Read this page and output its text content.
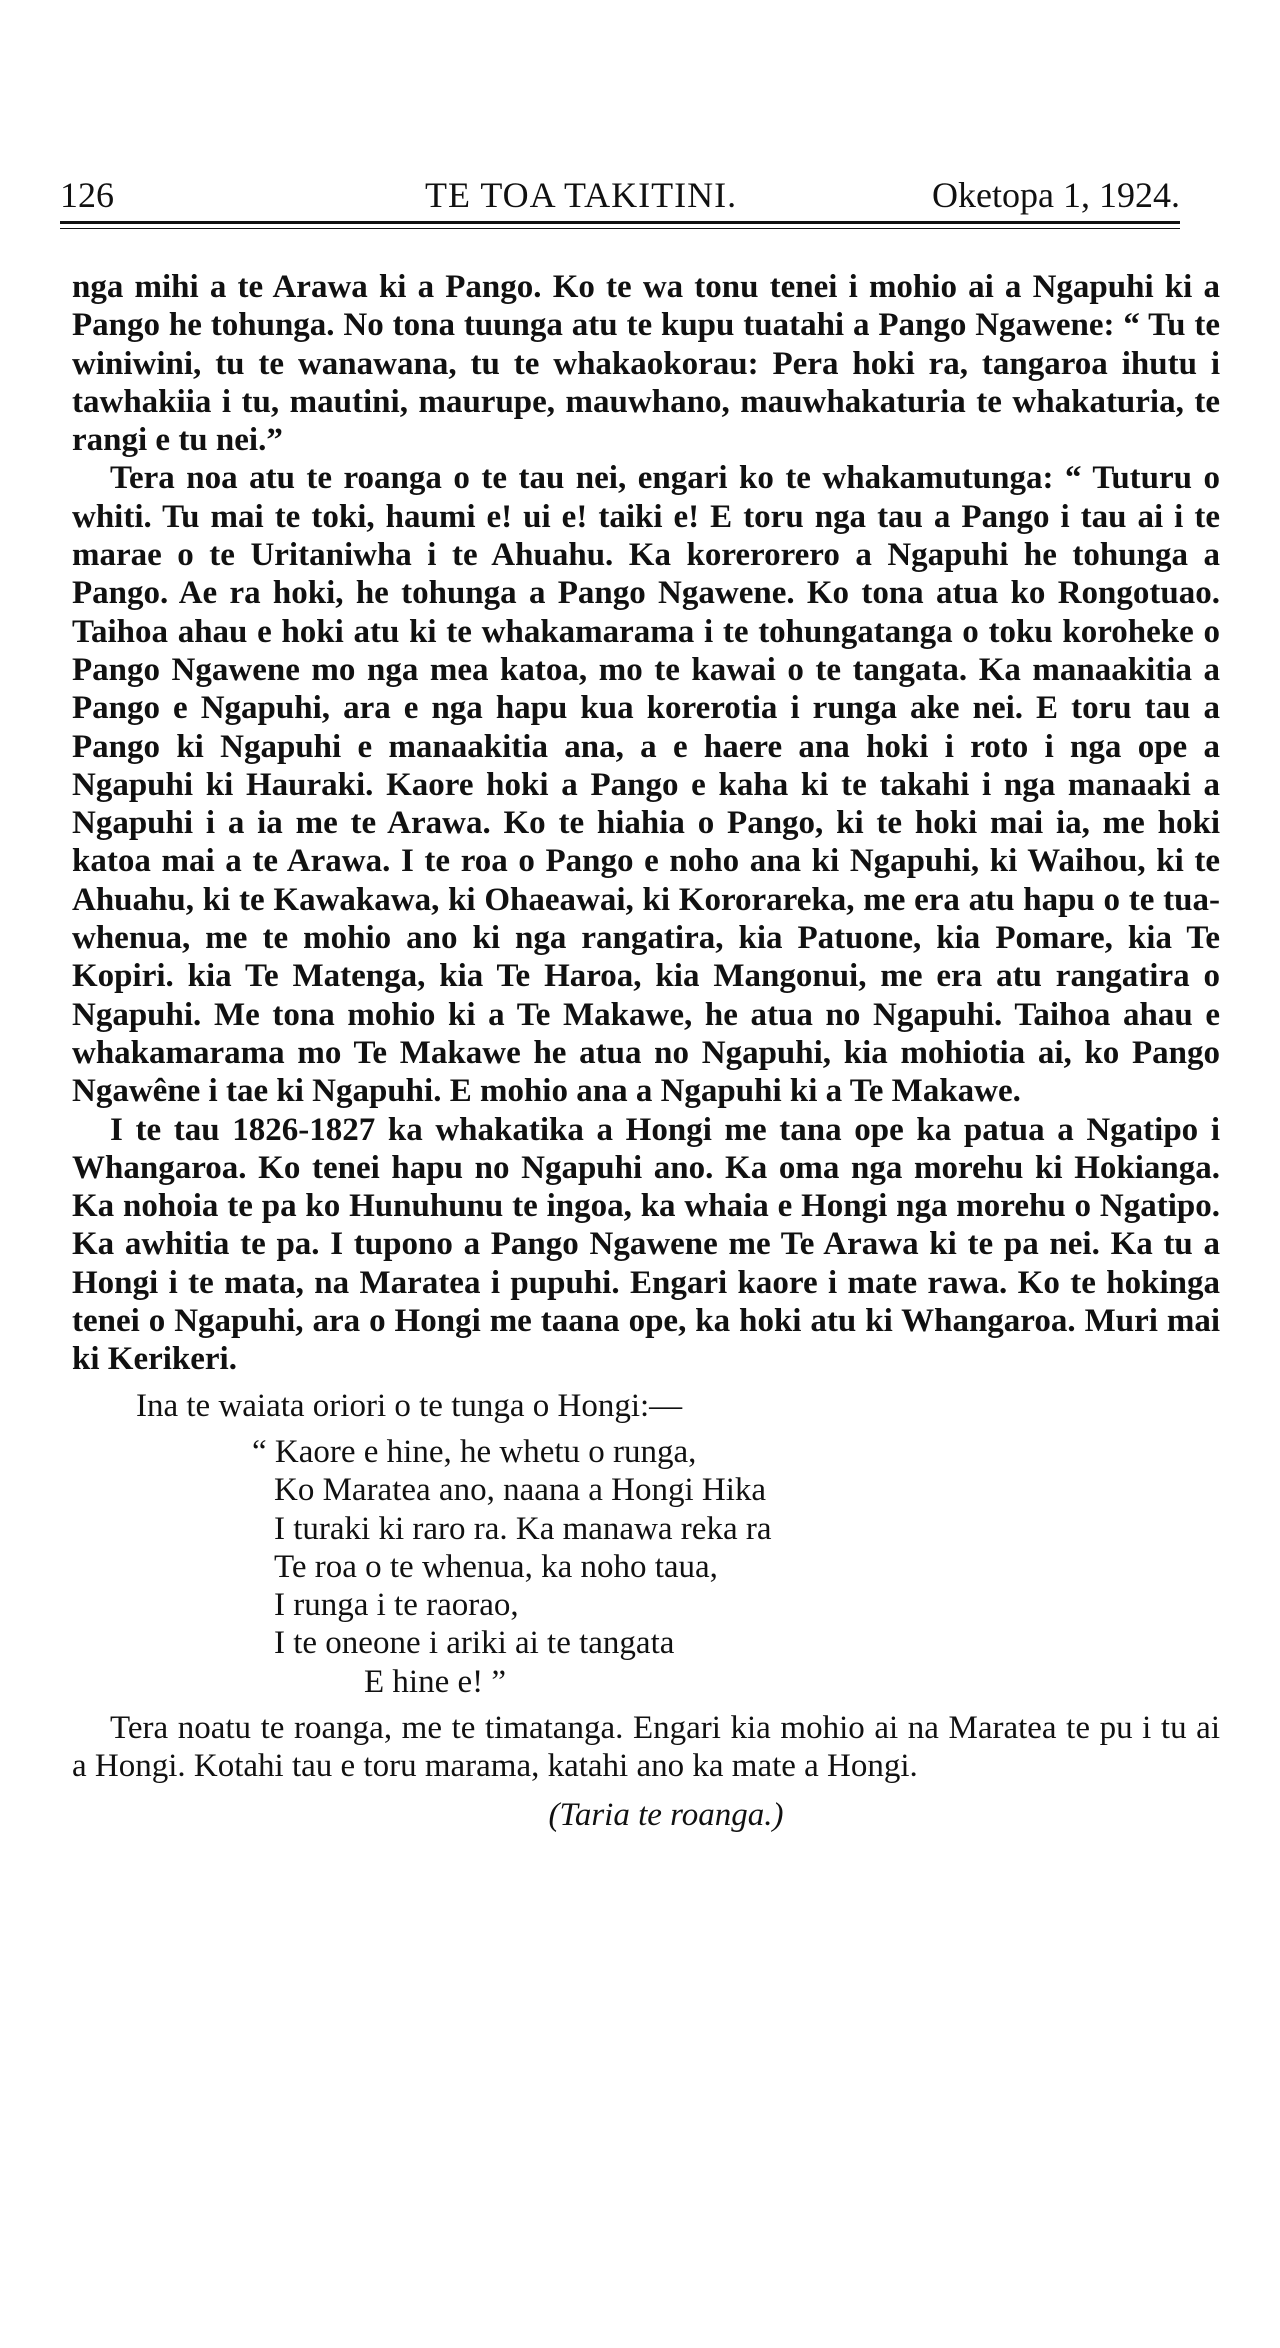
126	TE TOA TAKITINI.	Oketopa 1, 1924.

nga mihi a te Arawa ki a Pango. Ko te wa tonu tenei i mohio ai a Ngapuhi ki a Pango he tohunga. No tona tuunga atu te kupu tuatahi a Pango Ngawene: “ Tu te winiwini, tu te wanawana, tu te whakaokorau: Pera hoki ra, tangaroa ihutu i tawhakiia i tu, mautini, maurupe, mauwhano, mauwhakaturia te whakaturia, te rangi e tu nei.”

Tera noa atu te roanga o te tau nei, engari ko te whakamutunga: “ Tuturu o whiti. Tu mai te toki, haumi e! ui e! taiki e! E toru nga tau a Pango i tau ai i te marae o te Uritaniwha i te Ahuahu. Ka korerorero a Ngapuhi he tohunga a Pango. Ae ra hoki, he tohunga a Pango Ngawene. Ko tona atua ko Rongotuao. Taihoa ahau e hoki atu ki te whakamarama i te tohungatanga o toku koroheke o Pango Ngawene mo nga mea katoa, mo te kawai o te tangata. Ka manaakitia a Pango e Ngapuhi, ara e nga hapu kua korerotia i runga ake nei. E toru tau a Pango ki Ngapuhi e manaakitia ana, a e haere ana hoki i roto i nga ope a Ngapuhi ki Hauraki. Kaore hoki a Pango e kaha ki te takahi i nga manaaki a Ngapuhi i a ia me te Arawa. Ko te hiahia o Pango, ki te hoki mai ia, me hoki katoa mai a te Arawa. I te roa o Pango e noho ana ki Ngapuhi, ki Waihou, ki te Ahuahu, ki te Kawakawa, ki Ohaeawai, ki Kororareka, me era atu hapu o te tua-whenua, me te mohio ano ki nga rangatira, kia Patuone, kia Pomare, kia Te Kopiri. kia Te Matenga, kia Te Haroa, kia Mangonui, me era atu rangatira o Ngapuhi. Me tona mohio ki a Te Makawe, he atua no Ngapuhi. Taihoa ahau e whakamarama mo Te Makawe he atua no Ngapuhi, kia mohiotia ai, ko Pango Ngawêne i tae ki Ngapuhi. E mohio ana a Ngapuhi ki a Te Makawe.

I te tau 1826-1827 ka whakatika a Hongi me tana ope ka patua a Ngatipo i Whangaroa. Ko tenei hapu no Ngapuhi ano. Ka oma nga morehu ki Hokianga. Ka nohoia te pa ko Hunuhunu te ingoa, ka whaia e Hongi nga morehu o Ngatipo. Ka awhitia te pa. I tupono a Pango Ngawene me Te Arawa ki te pa nei. Ka tu a Hongi i te mata, na Maratea i pupuhi. Engari kaore i mate rawa. Ko te hokinga tenei o Ngapuhi, ara o Hongi me taana ope, ka hoki atu ki Whangaroa. Muri mai ki Kerikeri.

Ina te waiata oriori o te tunga o Hongi:—

“ Kaore e hine, he whetu o runga,
Ko Maratea ano, naana a Hongi Hika
I turaki ki raro ra. Ka manawa reka ra
Te roa o te whenua, ka noho taua,
I runga i te raorao,
I te oneone i ariki ai te tangata
E hine e! ”

Tera noatu te roanga, me te timatanga. Engari kia mohio ai na Maratea te pu i tu ai a Hongi. Kotahi tau e toru marama, katahi ano ka mate a Hongi.

(Taria te roanga.)
